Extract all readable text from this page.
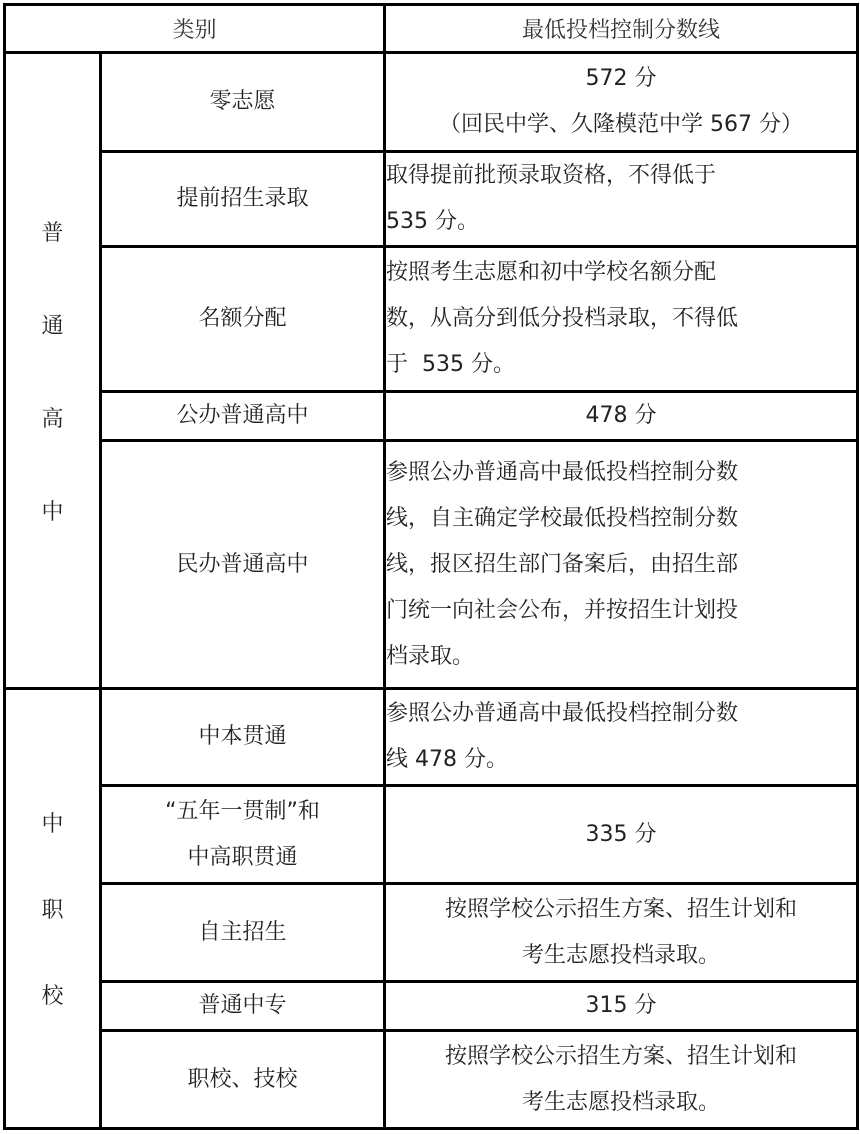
类别		最低投档控制分数线

普
通
高
中	零志愿	572 分
（回民中学、久隆模范中学 567 分）

	提前招生录取	取得提前批预录取资格，不得低于
535 分。

	名额分配	按照考生志愿和初中学校名额分配
数，从高分到低分投档录取，不得低
于  535 分。

	公办普通高中	478 分

	民办普通高中	参照公办普通高中最低投档控制分数
线，自主确定学校最低投档控制分数
线，报区招生部门备案后，由招生部
门统一向社会公布，并按招生计划投
档录取。

中
职
校	中本贯通	参照公办普通高中最低投档控制分数
线 478 分。

	“五年一贯制”和
中高职贯通	335 分

	自主招生	按照学校公示招生方案、招生计划和
考生志愿投档录取。

	普通中专	315 分

	职校、技校	按照学校公示招生方案、招生计划和
考生志愿投档录取。
